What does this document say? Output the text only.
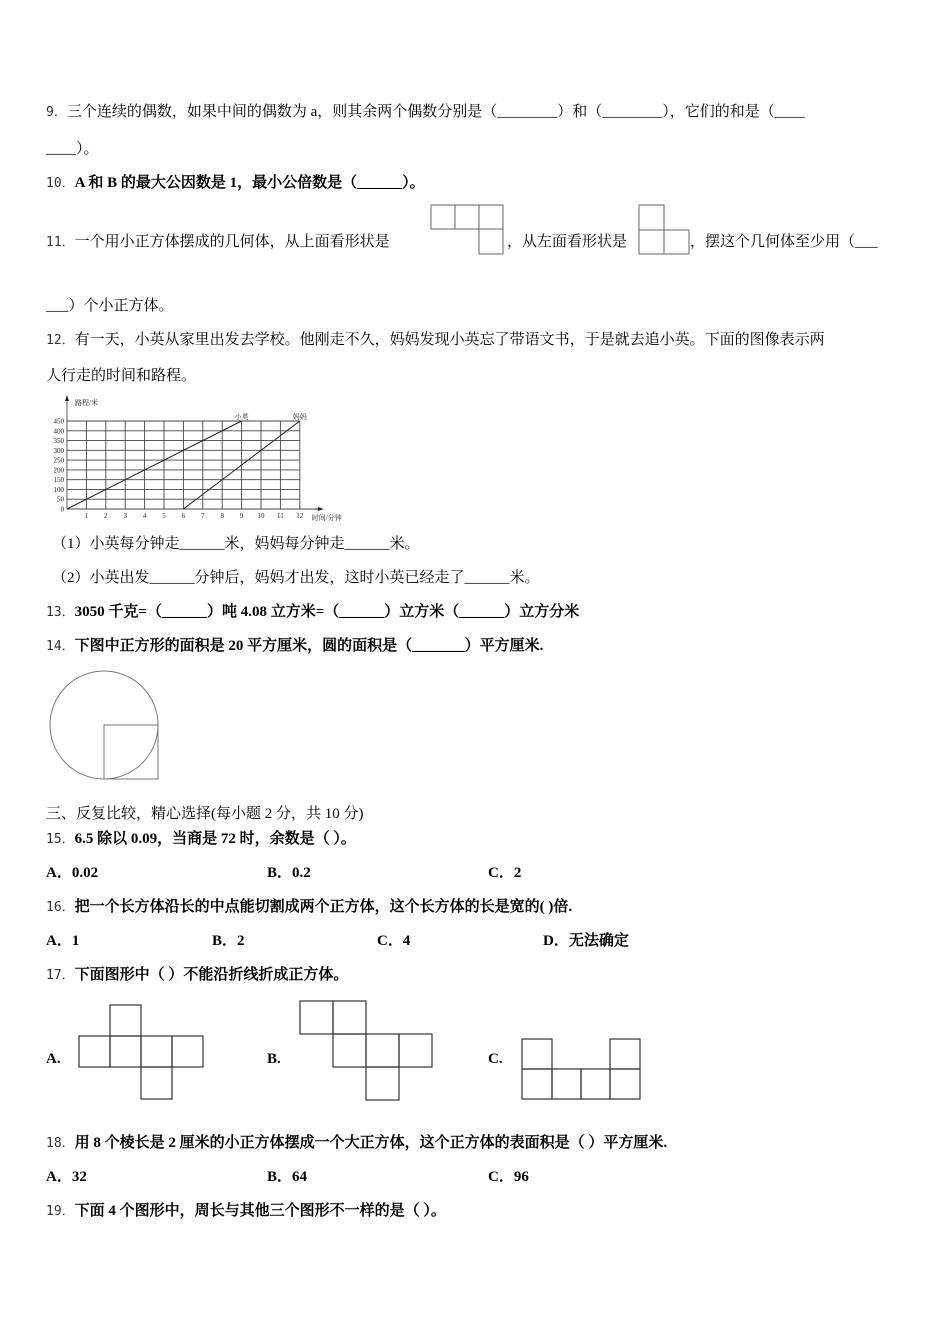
9．三个连续的偶数，如果中间的偶数为 a，则其余两个偶数分别是（________）和（________），它们的和是（____
____）。
10．A 和 B 的最大公因数是 1，最小公倍数是（______）。
11．一个用小正方体摆成的几何体，从上面看形状是	，从左面看形状是	，摆这个几何体至少用（___
___）个小正方体。
12．有一天，小英从家里出发去学校。他刚走不久，妈妈发现小英忘了带语文书，于是就去追小英。下面的图像表示两
人行走的时间和路程。
0
50
100
150
200
250
300
350
400
450
1 2 3 4 5 6 7 8 9 10 11 12
路程/米
时间/分钟
小英	妈妈
（1）小英每分钟走______米，妈妈每分钟走______米。
（2）小英出发______分钟后，妈妈才出发，这时小英已经走了______米。
13．3050 千克=（______）吨 4.08 立方米=（______）立方米（______）立方分米
14．下图中正方形的面积是 20 平方厘米，圆的面积是（_______）平方厘米.
三、反复比较，精心选择(每小题 2 分，共 10 分)
15．6.5 除以 0.09，当商是 72 时，余数是（ ）。
A．0.02	B．0.2	C．2
16．把一个长方体沿长的中点能切割成两个正方体，这个长方体的长是宽的( )倍.
A．1	B．2	C．4	D．无法确定
17．下面图形中（ ）不能沿折线折成正方体。
A.	B.	C.
18．用 8 个棱长是 2 厘米的小正方体摆成一个大正方体，这个正方体的表面积是（ ）平方厘米.
A．32	B．64	C．96
19．下面 4 个图形中，周长与其他三个图形不一样的是（ ）。
